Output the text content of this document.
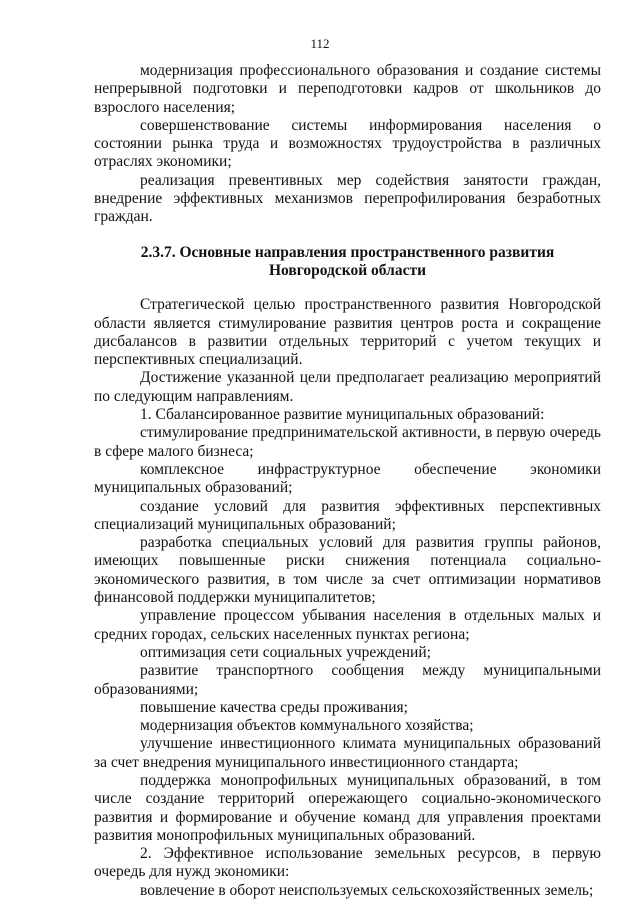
112

модернизация профессионального образования и создание системы непрерывной подготовки и переподготовки кадров от школьников до взрослого населения;

совершенствование системы информирования населения о состоянии рынка труда и возможностях трудоустройства в различных отраслях экономики;

реализация превентивных мер содействия занятости граждан, внедрение эффективных механизмов перепрофилирования безработных граждан.

2.3.7. Основные направления пространственного развития
Новгородской области

Стратегической целью пространственного развития Новгородской области является стимулирование развития центров роста и сокращение дисбалансов в развитии отдельных территорий с учетом текущих и перспективных специализаций.

Достижение указанной цели предполагает реализацию мероприятий по следующим направлениям.

1. Сбалансированное развитие муниципальных образований:

стимулирование предпринимательской активности, в первую очередь в сфере малого бизнеса;

комплексное инфраструктурное обеспечение экономики муниципальных образований;

создание условий для развития эффективных перспективных специализаций муниципальных образований;

разработка специальных условий для развития группы районов, имеющих повышенные риски снижения потенциала социально-экономического развития, в том числе за счет оптимизации нормативов финансовой поддержки муниципалитетов;

управление процессом убывания населения в отдельных малых и средних городах, сельских населенных пунктах региона;

оптимизация сети социальных учреждений;

развитие транспортного сообщения между муниципальными образованиями;

повышение качества среды проживания;

модернизация объектов коммунального хозяйства;

улучшение инвестиционного климата муниципальных образований за счет внедрения муниципального инвестиционного стандарта;

поддержка монопрофильных муниципальных образований, в том числе создание территорий опережающего социально-экономического развития и формирование и обучение команд для управления проектами развития монопрофильных муниципальных образований.

2. Эффективное использование земельных ресурсов, в первую очередь для нужд экономики:

вовлечение в оборот неиспользуемых сельскохозяйственных земель;
